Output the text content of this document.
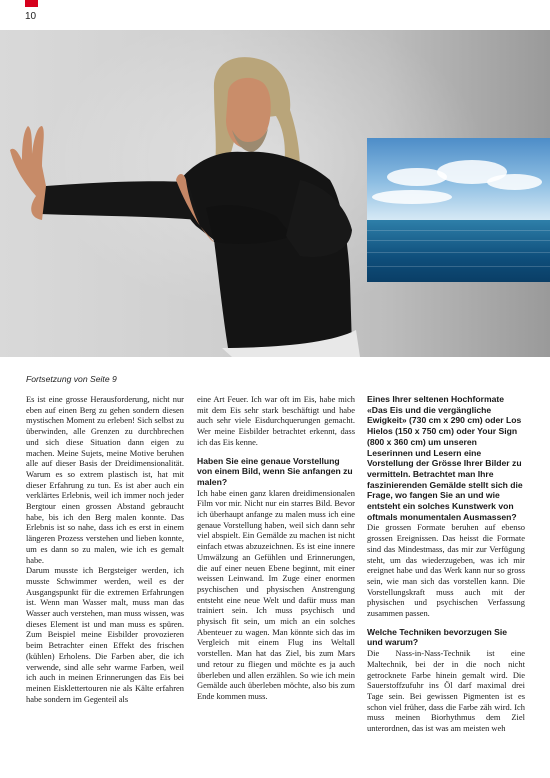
10
Fortsetzung von Seite 9

Es ist eine grosse Herausforderung, nicht nur eben auf einen Berg zu gehen sondern diesen mystischen Moment zu erleben! Sich selbst zu überwinden, alle Grenzen zu durchbrechen und sich diese Situation dann eigen zu machen. Meine Sujets, meine Motive beruhen alle auf dieser Basis der Dreidimensionalität. Warum es so extrem plastisch ist, hat mit dieser Erfahrung zu tun. Es ist aber auch ein verklärtes Erlebnis, weil ich immer noch jeder Bergtour einen grossen Abstand gebraucht habe, bis ich den Berg malen konnte. Das Erlebnis ist so nahe, dass ich es erst in einem längeren Prozess verstehen und lieben konnte, um es dann so zu malen, wie ich es gemalt habe.

Darum musste ich Bergsteiger werden, ich musste Schwimmer werden, weil es der Ausgangspunkt für die extremen Erfahrungen ist. Wenn man Wasser malt, muss man das Wasser auch verstehen, man muss wissen, was dieses Element ist und man muss es spüren. Zum Beispiel meine Eisbilder provozieren beim Betrachter einen Effekt des frischen (kühlen) Erholens. Die Farben aber, die ich verwende, sind alle sehr warme Farben, weil ich auch in meinen Erinnerungen das Eis bei meinen Eisklettertouren nie als Kälte erfahren habe sondern im Gegenteil als

eine Art Feuer. Ich war oft im Eis, habe mich mit dem Eis sehr stark beschäftigt und habe auch sehr viele Eisdurchquerungen gemacht. Wer meine Eisbilder betrachtet erkennt, dass ich das Eis kenne.

Haben Sie eine genaue Vorstellung von einem Bild, wenn Sie anfangen zu malen?

Ich habe einen ganz klaren dreidimensionalen Film vor mir. Nicht nur ein starres Bild. Bevor ich überhaupt anfange zu malen muss ich eine genaue Vorstellung haben, weil sich dann sehr viel abspielt. Ein Gemälde zu machen ist nicht einfach etwas abzuzeichnen. Es ist eine innere Umwälzung an Gefühlen und Erinnerungen, die auf einer neuen Ebene beginnt, mit einer weissen Leinwand. Im Zuge einer enormen psychischen und physischen Anstrengung entsteht eine neue Welt und dafür muss man trainiert sein. Ich muss psychisch und physisch fit sein, um mich an ein solches Abenteuer zu wagen. Man könnte sich das im Vergleich mit einem Flug ins Weltall vorstellen. Man hat das Ziel, bis zum Mars und retour zu fliegen und möchte es ja auch überleben und allen erzählen. So wie ich mein Gemälde auch überleben möchte, also bis zum Ende kommen muss.

Eines Ihrer seltenen Hochformate «Das Eis und die vergängliche Ewigkeit» (730 cm x 290 cm) oder Los Hielos (150 x 750 cm) oder Your Sign (800 x 360 cm) um unseren Leserinnen und Lesern eine Vorstellung der Grösse Ihrer Bilder zu vermitteln. Betrachtet man Ihre faszinierenden Gemälde stellt sich die Frage, wo fangen Sie an und wie entsteht ein solches Kunstwerk von oftmals monumentalen Ausmassen?

Die grossen Formate beruhen auf ebenso grossen Ereignissen. Das heisst die Formate sind das Mindestmass, das mir zur Verfügung steht, um das wiederzugeben, was ich mir ereignet habe und das Werk kann nur so gross sein, wie man sich das vorstellen kann. Die Vorstellungskraft muss auch mit der physischen und psychischen Verfassung zusammen passen.

Welche Techniken bevorzugen Sie und warum?

Die Nass-in-Nass-Technik ist eine Maltechnik, bei der in die noch nicht getrocknete Farbe hinein gemalt wird. Die Sauerstoffzufuhr ins Öl darf maximal drei Tage sein. Bei gewissen Pigmenten ist es schon viel früher, dass die Farbe zäh wird. Ich muss meinen Biorhythmus dem Ziel unterordnen, das ist was am meisten weh
